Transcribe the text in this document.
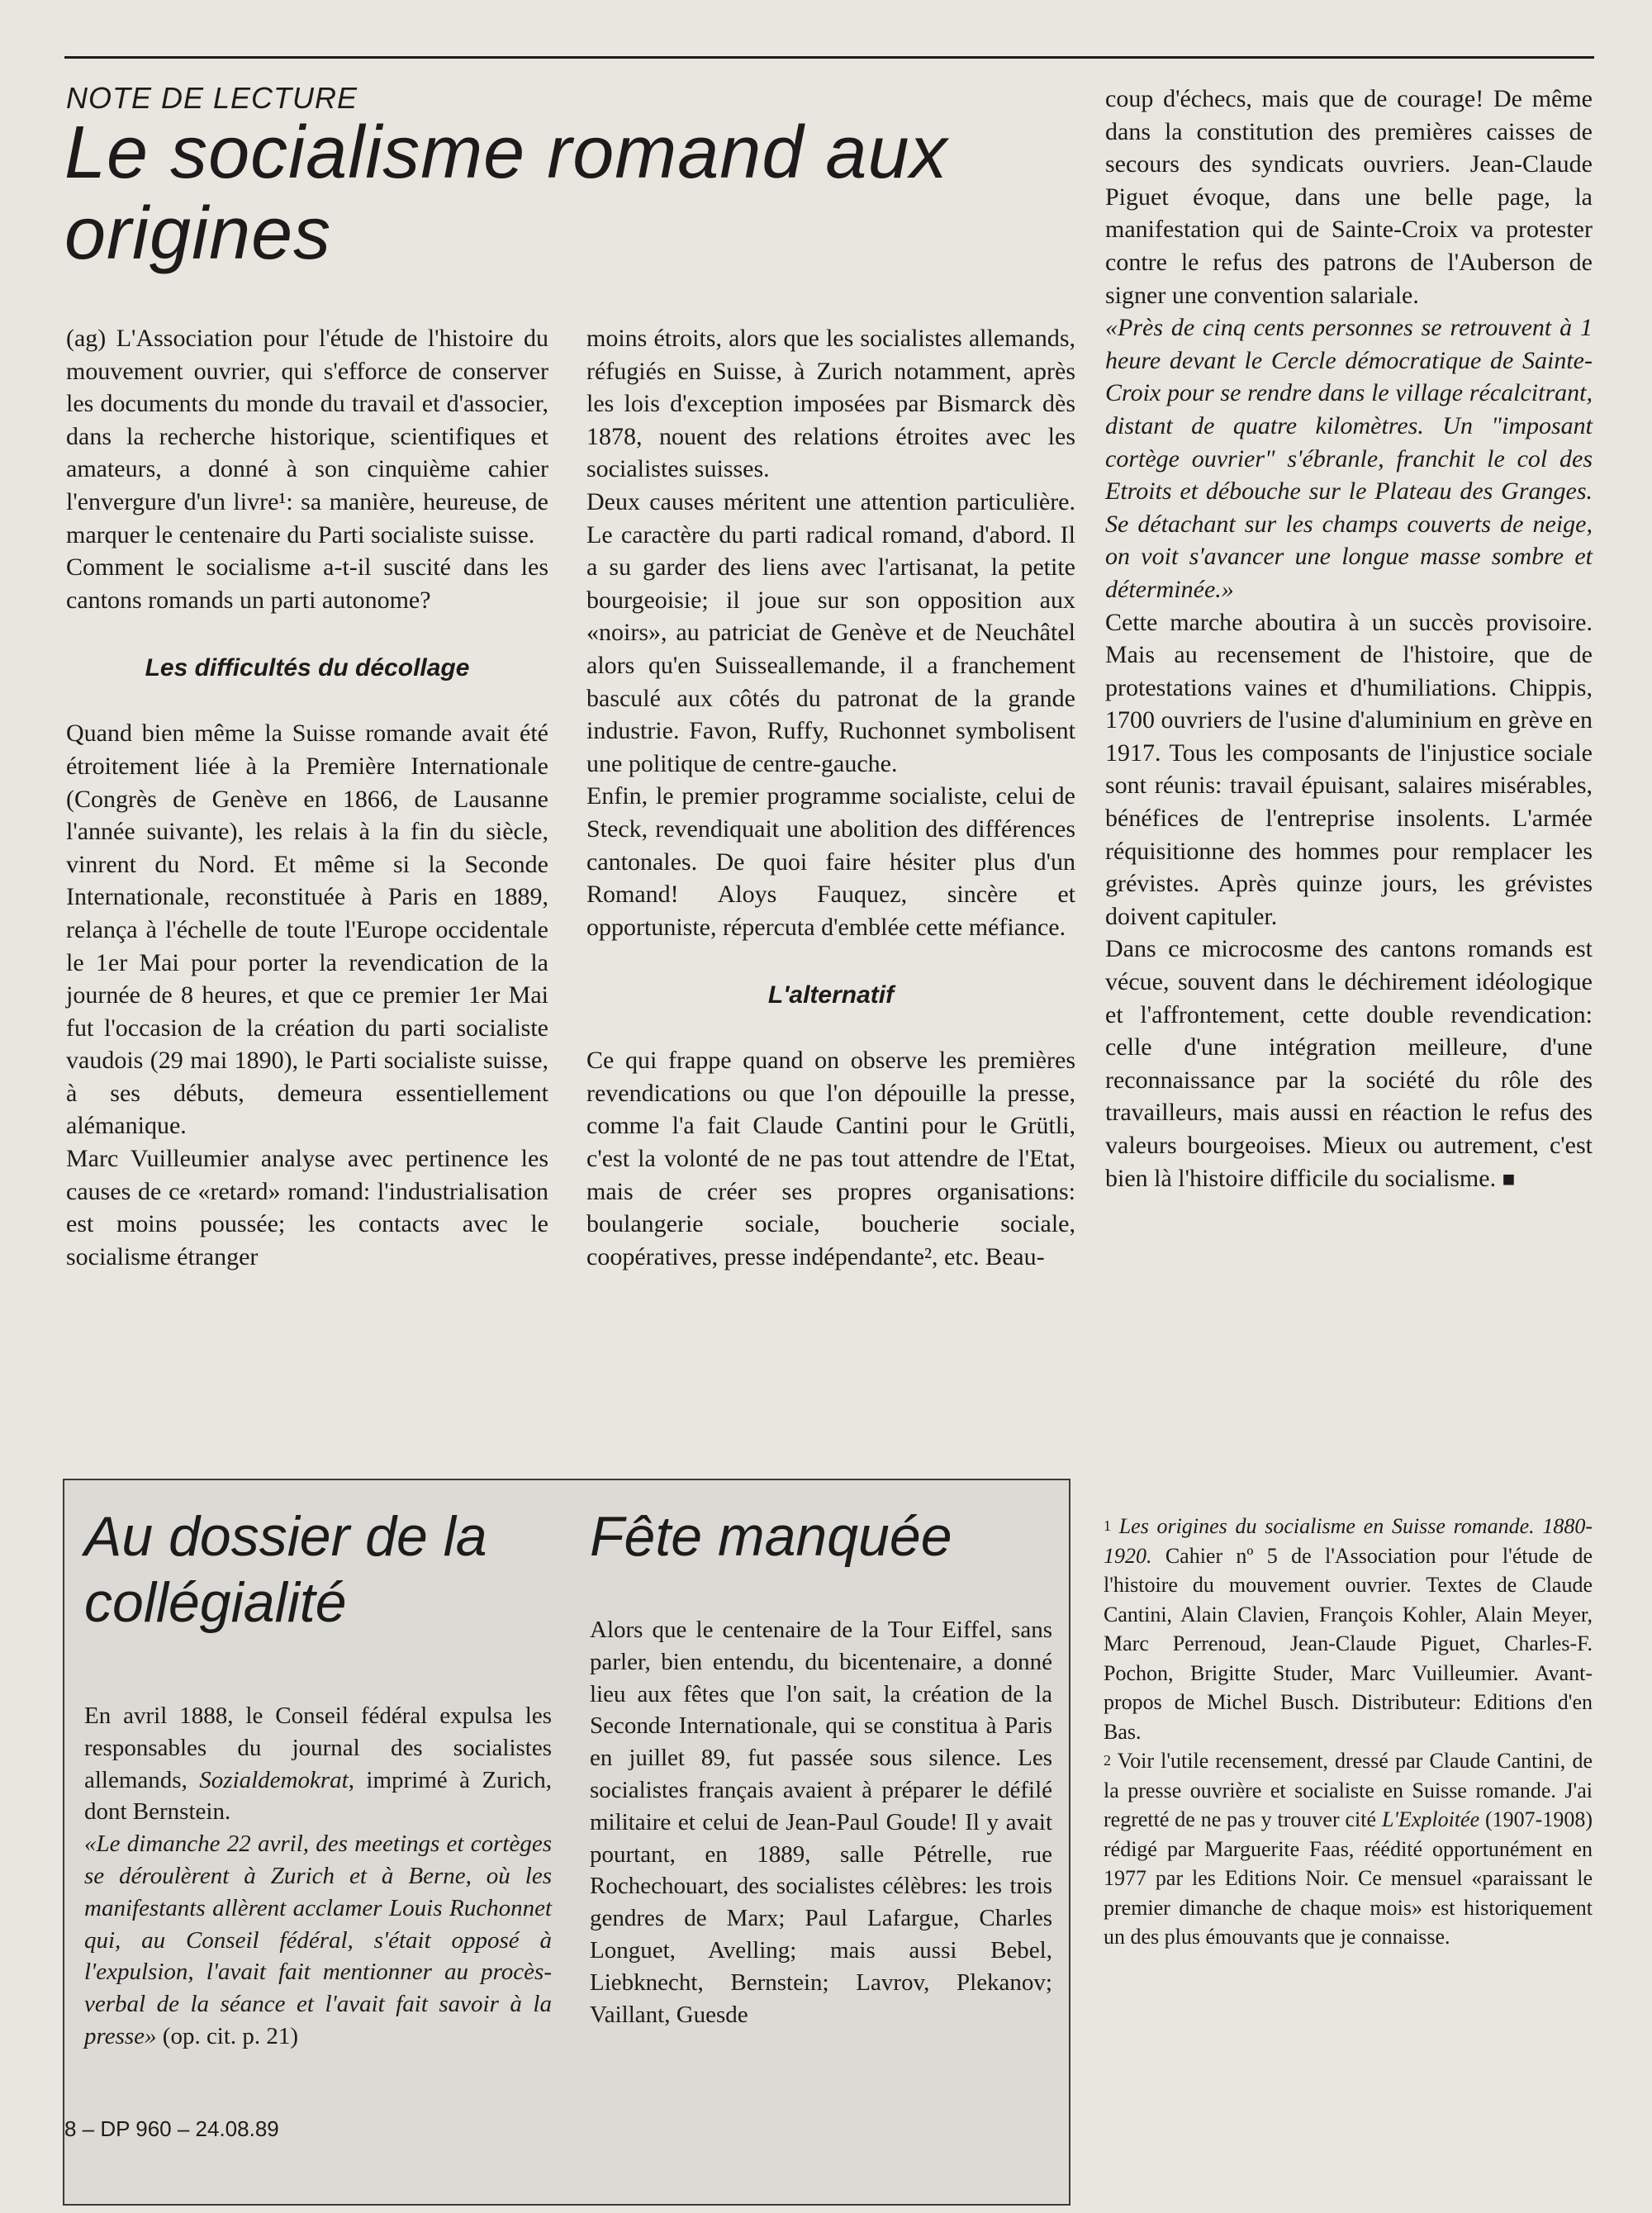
NOTE DE LECTURE

Le socialisme romand aux origines

(ag) L'Association pour l'étude de l'histoire du mouvement ouvrier, qui s'efforce de conserver les documents du monde du travail et d'associer, dans la recherche historique, scientifiques et amateurs, a donné à son cinquième cahier l'envergure d'un livre¹: sa manière, heureuse, de marquer le centenaire du Parti socialiste suisse.

Comment le socialisme a-t-il suscité dans les cantons romands un parti autonome?

Les difficultés du décollage

Quand bien même la Suisse romande avait été étroitement liée à la Première Internationale (Congrès de Genève en 1866, de Lausanne l'année suivante), les relais à la fin du siècle, vinrent du Nord. Et même si la Seconde Internationale, reconstituée à Paris en 1889, relança à l'échelle de toute l'Europe occidentale le 1er Mai pour porter la revendication de la journée de 8 heures, et que ce premier 1er Mai fut l'occasion de la création du parti socialiste vaudois (29 mai 1890), le Parti socialiste suisse, à ses débuts, demeura essentiellement alémanique.

Marc Vuilleumier analyse avec pertinence les causes de ce «retard» romand: l'industrialisation est moins poussée; les contacts avec le socialisme étranger

moins étroits, alors que les socialistes allemands, réfugiés en Suisse, à Zurich notamment, après les lois d'exception imposées par Bismarck dès 1878, nouent des relations étroites avec les socialistes suisses.

Deux causes méritent une attention particulière. Le caractère du parti radical romand, d'abord. Il a su garder des liens avec l'artisanat, la petite bourgeoisie; il joue sur son opposition aux «noirs», au patriciat de Genève et de Neuchâtel alors qu'en Suisseallemande, il a franchement basculé aux côtés du patronat de la grande industrie. Favon, Ruffy, Ruchonnet symbolisent une politique de centre-gauche.

Enfin, le premier programme socialiste, celui de Steck, revendiquait une abolition des différences cantonales. De quoi faire hésiter plus d'un Romand! Aloys Fauquez, sincère et opportuniste, répercuta d'emblée cette méfiance.

L'alternatif

Ce qui frappe quand on observe les premières revendications ou que l'on dépouille la presse, comme l'a fait Claude Cantini pour le Grütli, c'est la volonté de ne pas tout attendre de l'Etat, mais de créer ses propres organisations: boulangerie sociale, boucherie sociale, coopératives, presse indépendante², etc. Beau-

coup d'échecs, mais que de courage! De même dans la constitution des premières caisses de secours des syndicats ouvriers. Jean-Claude Piguet évoque, dans une belle page, la manifestation qui de Sainte-Croix va protester contre le refus des patrons de l'Auberson de signer une convention salariale.

«Près de cinq cents personnes se retrouvent à 1 heure devant le Cercle démocratique de Sainte-Croix pour se rendre dans le village récalcitrant, distant de quatre kilomètres. Un "imposant cortège ouvrier" s'ébranle, franchit le col des Etroits et débouche sur le Plateau des Granges. Se détachant sur les champs couverts de neige, on voit s'avancer une longue masse sombre et déterminée.»

Cette marche aboutira à un succès provisoire. Mais au recensement de l'histoire, que de protestations vaines et d'humiliations. Chippis, 1700 ouvriers de l'usine d'aluminium en grève en 1917. Tous les composants de l'injustice sociale sont réunis: travail épuisant, salaires misérables, bénéfices de l'entreprise insolents. L'armée réquisitionne des hommes pour remplacer les grévistes. Après quinze jours, les grévistes doivent capituler.

Dans ce microcosme des cantons romands est vécue, souvent dans le déchirement idéologique et l'affrontement, cette double revendication: celle d'une intégration meilleure, d'une reconnaissance par la société du rôle des travailleurs, mais aussi en réaction le refus des valeurs bourgeoises. Mieux ou autrement, c'est bien là l'histoire difficile du socialisme. ■

Au dossier de la collégialité

En avril 1888, le Conseil fédéral expulsa les responsables du journal des socialistes allemands, Sozialdemokrat, imprimé à Zurich, dont Bernstein.

«Le dimanche 22 avril, des meetings et cortèges se déroulèrent à Zurich et à Berne, où les manifestants allèrent acclamer Louis Ruchonnet qui, au Conseil fédéral, s'était opposé à l'expulsion, l'avait fait mentionner au procès-verbal de la séance et l'avait fait savoir à la presse» (op. cit. p. 21)

Fête manquée

Alors que le centenaire de la Tour Eiffel, sans parler, bien entendu, du bicentenaire, a donné lieu aux fêtes que l'on sait, la création de la Seconde Internationale, qui se constitua à Paris en juillet 89, fut passée sous silence. Les socialistes français avaient à préparer le défilé militaire et celui de Jean-Paul Goude! Il y avait pourtant, en 1889, salle Pétrelle, rue Rochechouart, des socialistes célèbres: les trois gendres de Marx; Paul Lafargue, Charles Longuet, Avelling; mais aussi Bebel, Liebknecht, Bernstein; Lavrov, Plekanov; Vaillant, Guesde

$^1$ Les origines du socialisme en Suisse romande. 1880-1920. Cahier nº 5 de l'Association pour l'étude de l'histoire du mouvement ouvrier. Textes de Claude Cantini, Alain Clavien, François Kohler, Alain Meyer, Marc Perrenoud, Jean-Claude Piguet, Charles-F. Pochon, Brigitte Studer, Marc Vuilleumier. Avant-propos de Michel Busch. Distributeur: Editions d'en Bas.

$^2$ Voir l'utile recensement, dressé par Claude Cantini, de la presse ouvrière et socialiste en Suisse romande. J'ai regretté de ne pas y trouver cité L'Exploitée (1907-1908) rédigé par Marguerite Faas, réédité opportunément en 1977 par les Editions Noir. Ce mensuel «paraissant le premier dimanche de chaque mois» est historiquement un des plus émouvants que je connaisse.

8 – DP 960 – 24.08.89
